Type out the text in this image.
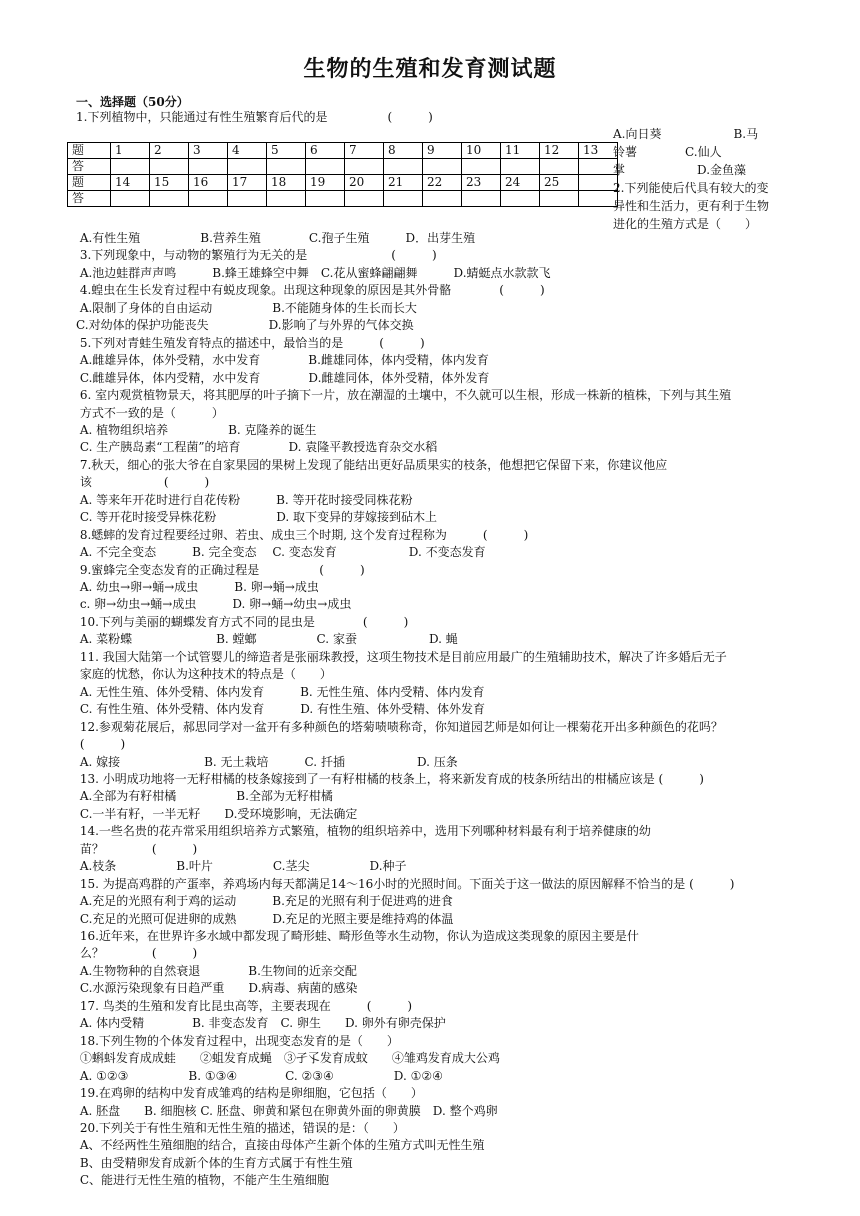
生物的生殖和发育测试题
一、选择题（50分）
1.下列植物中，只能通过有性生殖繁育后代的是　　　　　(　　　)
题	1	2	3	4	5	6	7	8	9	10	11	12	13
答													
题	14	15	16	17	18	19	20	21	22	23	24	25	
答													
A.向日葵　　　　　　B.马
铃薯　　　　C.仙人
掌　　　　　　D.金鱼藻
2.下列能使后代具有较大的变
异性和生活力，更有利于生物
进化的生殖方式是（　　）
A.有性生殖　　　　　B.营养生殖　　　　C.孢子生殖　　　D．出芽生殖
3.下列现象中，与动物的繁殖行为无关的是　　　　　　　(　　　)
A.池边蛙群声声鸣　　　B.蜂王雄蜂空中舞　C.花从蜜蜂翩翩舞　　　D.蜻蜓点水款款飞
4.蝗虫在生长发育过程中有蜕皮现象。出现这种现象的原因是其外骨骼　　　　(　　　)
A.限制了身体的自由运动　　　　　B.不能随身体的生长而长大
C.对幼体的保护功能丧失　　　　　D.影响了与外界的气体交换
5.下列对青蛙生殖发育特点的描述中，最恰当的是　　　(　　　)
A.雌雄异体，体外受精，水中发育　　　　B.雌雄同体，体内受精，体内发育
C.雌雄异体，体内受精，水中发育　　　　D.雌雄同体，体外受精，体外发育
6. 室内观赏植物景天，将其肥厚的叶子摘下一片，放在潮湿的土壤中，不久就可以生根，形成一株新的植株，下列与其生殖
方式不一致的是（　　　）
A. 植物组织培养　　　　　B. 克隆养的诞生
C. 生产胰岛素“工程菌”的培育　　　　D. 袁隆平教授选育杂交水稻
7.秋天，细心的张大爷在自家果园的果树上发现了能结出更好品质果实的枝条，他想把它保留下来，你建议他应
该　　　　　　(　　　)
A. 等来年开花时进行自花传粉　　　B. 等开花时接受同株花粉
C. 等开花时接受异株花粉　　　　　D. 取下变异的芽嫁接到砧木上
8.蟋蟀的发育过程要经过卵、若虫、成虫三个时期, 这个发育过程称为　　　(　　　)
A. 不完全变态　　　B. 完全变态　 C. 变态发育　　　　　　D. 不变态发育
9.蜜蜂完全变态发育的正确过程是　　　　　(　　　)
A. 幼虫→卵→蛹→成虫　　　B. 卵→蛹→成虫
c. 卵→幼虫→蛹→成虫　　　D. 卵→蛹→幼虫→成虫
10.下列与美丽的蝴蝶发育方式不同的昆虫是　　　　(　　　)
A. 菜粉蝶　　　　　　　B. 螳螂　　　　　C. 家蚕　　　　　　D. 蝇
11. 我国大陆第一个试管婴儿的缔造者是张丽珠教授，这项生物技术是目前应用最广的生殖辅助技术，解决了许多婚后无子
家庭的忧愁，你认为这种技术的特点是（　　）
A. 无性生殖、体外受精、体内发育　　　B. 无性生殖、体内受精、体内发育
C. 有性生殖、体外受精、体内发育　　　D. 有性生殖、体外受精、体外发育
12.参观菊花展后，郝思同学对一盆开有多种颜色的塔菊啧啧称奇，你知道园艺师是如何让一棵菊花开出多种颜色的花吗？
(　　　)
A. 嫁接　　　　　　　B. 无土栽培　　　C. 扦插　　　　　　D. 压条
13. 小明成功地将一无籽柑橘的枝条嫁接到了一有籽柑橘的枝条上，将来新发育成的枝条所结出的柑橘应该是 (　　　)
A.全部为有籽柑橘　　　　　B.全部为无籽柑橘
C.一半有籽，一半无籽　　D.受环境影响，无法确定
14.一些名贵的花卉常采用组织培养方式繁殖，植物的组织培养中，选用下列哪种材料最有利于培养健康的幼
苗？　　　　(　　　)
A.枝条　　　　　B.叶片　　　　　C.茎尖　　　　　D.种子
15. 为提高鸡群的产蛋率，养鸡场内每天都满足14～16小时的光照时间。下面关于这一做法的原因解释不恰当的是 (　　　)
A.充足的光照有利于鸡的运动　　　B.充足的光照有利于促进鸡的进食
C.充足的光照可促进卵的成熟　　　D.充足的光照主要是维持鸡的体温
16.近年来，在世界许多水域中都发现了畸形蛙、畸形鱼等水生动物，你认为造成这类现象的原因主要是什
么？　　　　(　　　)
A.生物物种的自然衰退　　　　B.生物间的近亲交配
C.水源污染现象有日趋严重　　D.病毒、病菌的感染
17. 鸟类的生殖和发育比昆虫高等，主要表现在　　　(　　　)
A. 体内受精　　　　B. 非变态发育　C. 卵生　　D. 卵外有卵壳保护
18.下列生物的个体发育过程中，出现变态发育的是（　　）
①蝌蚪发育成成蛙　　②蛆发育成蝇　③孑孓发育成蚊　　④雏鸡发育成大公鸡
A. ①②③　　　　　B. ①③④　　　　C. ②③④　　　　　D. ①②④
19.在鸡卵的结构中发育成雏鸡的结构是卵细胞，它包括（　　）
A. 胚盘　　B. 细胞核 C. 胚盘、卵黄和紧包在卵黄外面的卵黄膜　D. 整个鸡卵
20.下列关于有性生殖和无性生殖的描述，错误的是：（　　）
A、不经两性生殖细胞的结合，直接由母体产生新个体的生殖方式叫无性生殖
B、由受精卵发育成新个体的生育方式属于有性生殖
C、能进行无性生殖的植物，不能产生生殖细胞
